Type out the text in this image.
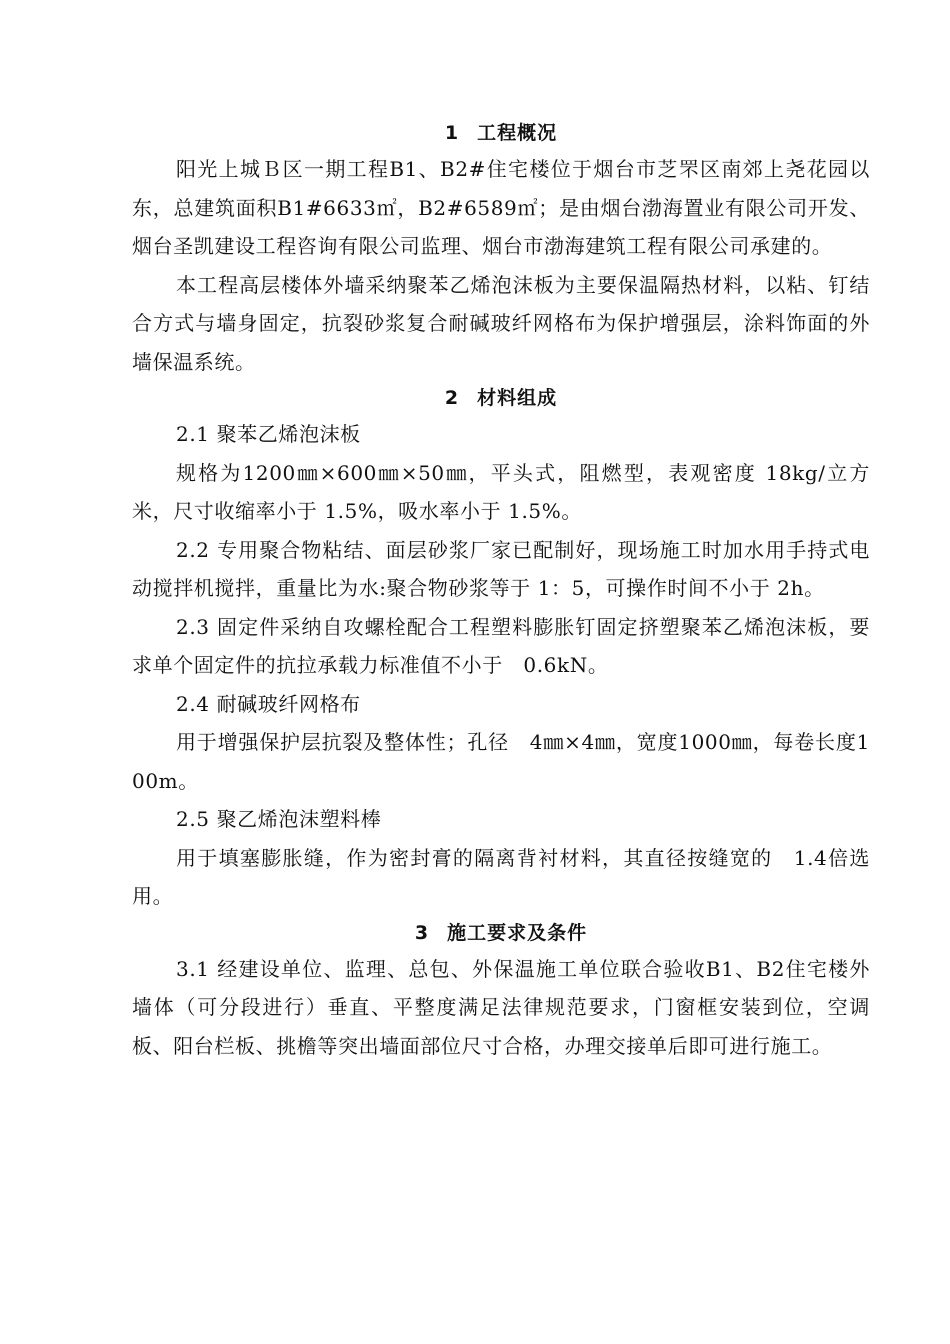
1 工程概况

阳光上城Ｂ区一期工程B1、B2#住宅楼位于烟台市芝罘区南郊上尧花园以东，总建筑面积B1#6633㎡，B2#6589㎡；是由烟台渤海置业有限公司开发、烟台圣凯建设工程咨询有限公司监理、烟台市渤海建筑工程有限公司承建的。

本工程高层楼体外墙采纳聚苯乙烯泡沫板为主要保温隔热材料，以粘、钉结合方式与墙身固定，抗裂砂浆复合耐碱玻纤网格布为保护增强层，涂料饰面的外墙保温系统。

2 材料组成

2.1 聚苯乙烯泡沫板

规格为1200㎜×600㎜×50㎜，平头式，阻燃型，表观密度 18kg/立方米，尺寸收缩率小于 1.5%，吸水率小于 1.5%。

2.2 专用聚合物粘结、面层砂浆厂家已配制好，现场施工时加水用手持式电动搅拌机搅拌，重量比为水:聚合物砂浆等于 1：5，可操作时间不小于 2h。

2.3 固定件采纳自攻螺栓配合工程塑料膨胀钉固定挤塑聚苯乙烯泡沫板，要求单个固定件的抗拉承载力标准值不小于　0.6kN。

2.4 耐碱玻纤网格布

用于增强保护层抗裂及整体性；孔径　4㎜×4㎜，宽度1000㎜，每卷长度100m。

2.5 聚乙烯泡沫塑料棒

用于填塞膨胀缝，作为密封膏的隔离背衬材料，其直径按缝宽的　1.4倍选用。

3 施工要求及条件

3.1 经建设单位、监理、总包、外保温施工单位联合验收B1、B2住宅楼外墙体（可分段进行）垂直、平整度满足法律规范要求，门窗框安装到位，空调板、阳台栏板、挑檐等突出墙面部位尺寸合格，办理交接单后即可进行施工。
